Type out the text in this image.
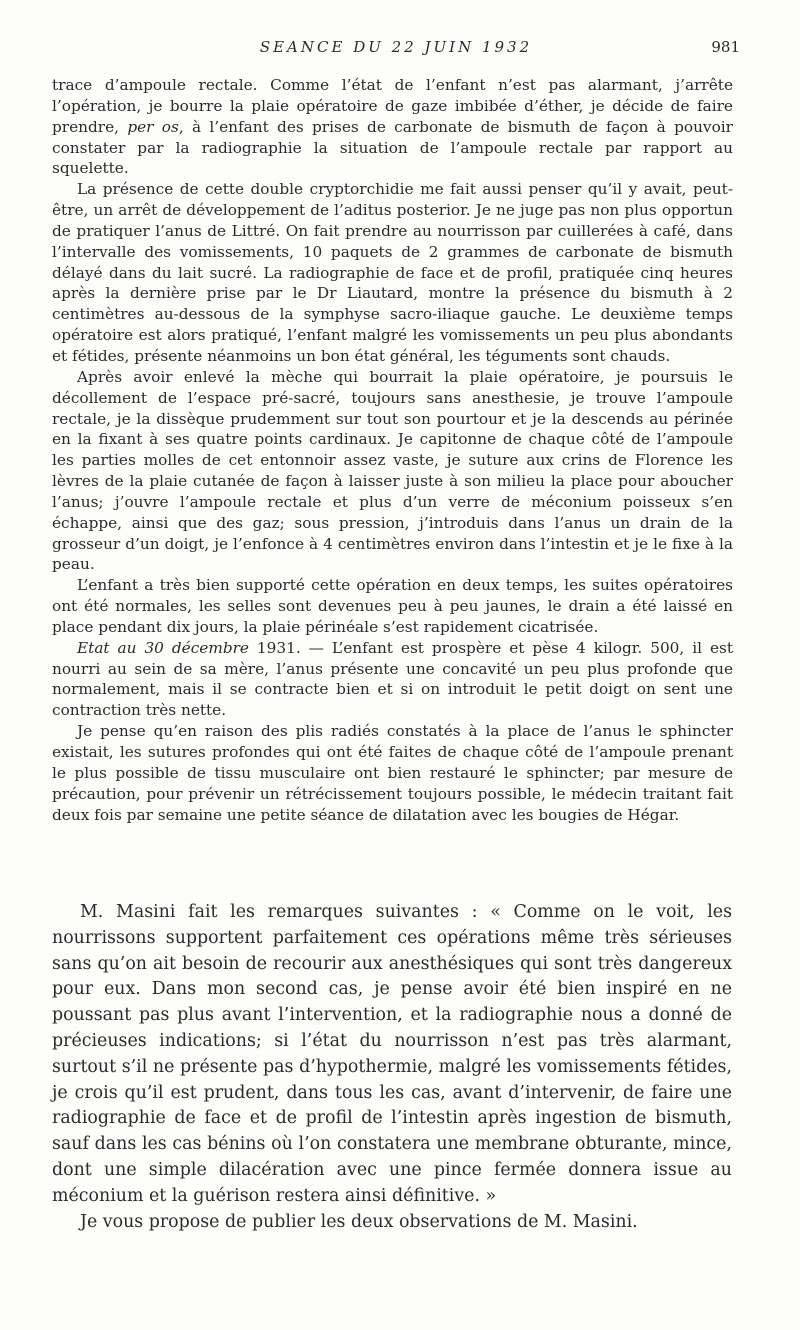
SEANCE DU 22 JUIN 1932	981

trace d’ampoule rectale. Comme l’état de l’enfant n’est pas alarmant, j’arrête l’opération, je bourre la plaie opératoire de gaze imbibée d’éther, je décide de faire prendre, per os, à l’enfant des prises de carbonate de bismuth de façon à pouvoir constater par la radiographie la situation de l’ampoule rectale par rapport au squelette.

La présence de cette double cryptorchidie me fait aussi penser qu’il y avait, peut-être, un arrêt de développement de l’aditus posterior. Je ne juge pas non plus opportun de pratiquer l’anus de Littré. On fait prendre au nourrisson par cuillerées à café, dans l’intervalle des vomissements, 10 paquets de 2 grammes de carbonate de bismuth délayé dans du lait sucré. La radiographie de face et de profil, pratiquée cinq heures après la dernière prise par le Dr Liautard, montre la présence du bismuth à 2 centimètres au-dessous de la symphyse sacro-iliaque gauche. Le deuxième temps opératoire est alors pratiqué, l’enfant malgré les vomissements un peu plus abondants et fétides, présente néanmoins un bon état général, les téguments sont chauds.

Après avoir enlevé la mèche qui bourrait la plaie opératoire, je poursuis le décollement de l’espace pré-sacré, toujours sans anesthesie, je trouve l’ampoule rectale, je la dissèque prudemment sur tout son pourtour et je la descends au périnée en la fixant à ses quatre points cardinaux. Je capitonne de chaque côté de l’ampoule les parties molles de cet entonnoir assez vaste, je suture aux crins de Florence les lèvres de la plaie cutanée de façon à laisser juste à son milieu la place pour aboucher l’anus; j’ouvre l’ampoule rectale et plus d’un verre de méconium poisseux s’en échappe, ainsi que des gaz; sous pression, j’introduis dans l’anus un drain de la grosseur d’un doigt, je l’enfonce à 4 centimètres environ dans l’intestin et je le fixe à la peau.

L’enfant a très bien supporté cette opération en deux temps, les suites opératoires ont été normales, les selles sont devenues peu à peu jaunes, le drain a été laissé en place pendant dix jours, la plaie périnéale s’est rapidement cicatrisée.

Etat au 30 décembre 1931. — L’enfant est prospère et pèse 4 kilogr. 500, il est nourri au sein de sa mère, l’anus présente une concavité un peu plus profonde que normalement, mais il se contracte bien et si on introduit le petit doigt on sent une contraction très nette.

Je pense qu’en raison des plis radiés constatés à la place de l’anus le sphincter existait, les sutures profondes qui ont été faites de chaque côté de l’ampoule prenant le plus possible de tissu musculaire ont bien restauré le sphincter; par mesure de précaution, pour prévenir un rétrécissement toujours possible, le médecin traitant fait deux fois par semaine une petite séance de dilatation avec les bougies de Hégar.

M. Masini fait les remarques suivantes : « Comme on le voit, les nourrissons supportent parfaitement ces opérations même très sérieuses sans qu’on ait besoin de recourir aux anesthésiques qui sont très dangereux pour eux. Dans mon second cas, je pense avoir été bien inspiré en ne poussant pas plus avant l’intervention, et la radiographie nous a donné de précieuses indications; si l’état du nourrisson n’est pas très alarmant, surtout s’il ne présente pas d’hypothermie, malgré les vomissements fétides, je crois qu’il est prudent, dans tous les cas, avant d’intervenir, de faire une radiographie de face et de profil de l’intestin après ingestion de bismuth, sauf dans les cas bénins où l’on constatera une membrane obturante, mince, dont une simple dilacération avec une pince fermée donnera issue au méconium et la guérison restera ainsi définitive. »

Je vous propose de publier les deux observations de M. Masini.
